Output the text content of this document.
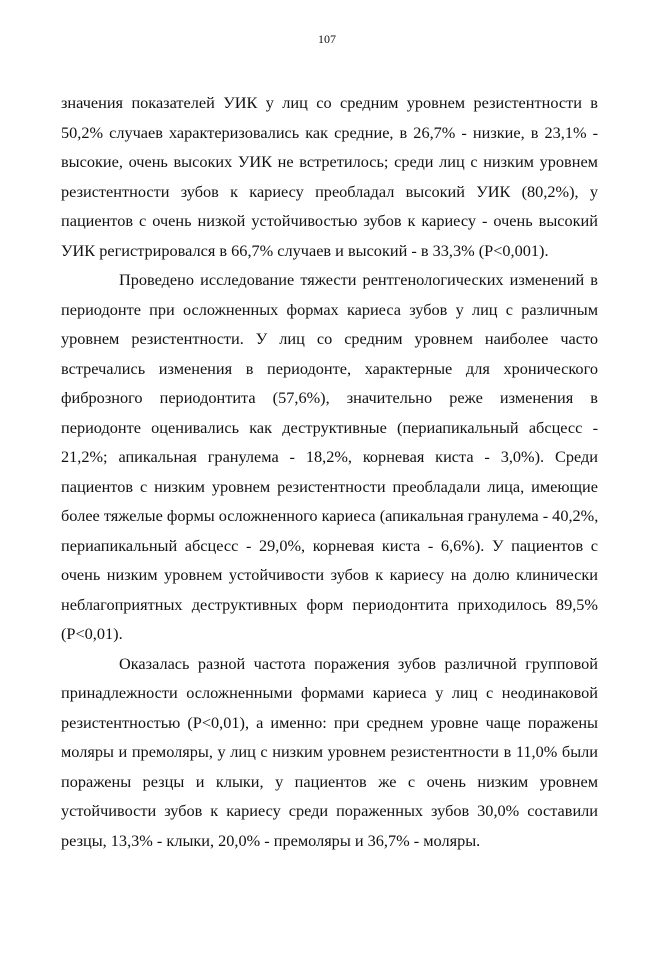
107
значения показателей УИК у лиц со средним уровнем резистентности в
50,2% случаев характеризовались как средние, в 26,7% - низкие, в 23,1% -
высокие, очень высоких УИК не встретилось; среди лиц с низким уровнем
резистентности зубов к кариесу преобладал высокий УИК (80,2%), у
пациентов с очень низкой устойчивостью зубов к кариесу - очень высокий
УИК регистрировался в 66,7% случаев и высокий - в 33,3% (P<0,001).
Проведено исследование тяжести рентгенологических изменений в
периодонте при осложненных формах кариеса зубов у лиц с различным
уровнем резистентности. У лиц со средним уровнем наиболее часто
встречались изменения в периодонте, характерные для хронического
фиброзного периодонтита (57,6%), значительно реже изменения в
периодонте оценивались как деструктивные (периапикальный абсцесс -
21,2%; апикальная гранулема - 18,2%, корневая киста - 3,0%). Среди
пациентов с низким уровнем резистентности преобладали лица, имеющие
более тяжелые формы осложненного кариеса (апикальная гранулема - 40,2%,
периапикальный абсцесс - 29,0%, корневая киста - 6,6%). У пациентов с
очень низким уровнем устойчивости зубов к кариесу на долю клинически
неблагоприятных деструктивных форм периодонтита приходилось 89,5%
(P<0,01).
Оказалась разной частота поражения зубов различной групповой
принадлежности осложненными формами кариеса у лиц с неодинаковой
резистентностью (P<0,01), а именно: при среднем уровне чаще поражены
моляры и премоляры, у лиц с низким уровнем резистентности в 11,0% были
поражены резцы и клыки, у пациентов же с очень низким уровнем
устойчивости зубов к кариесу среди пораженных зубов 30,0% составили
резцы, 13,3% - клыки, 20,0% - премоляры и 36,7% - моляры.
